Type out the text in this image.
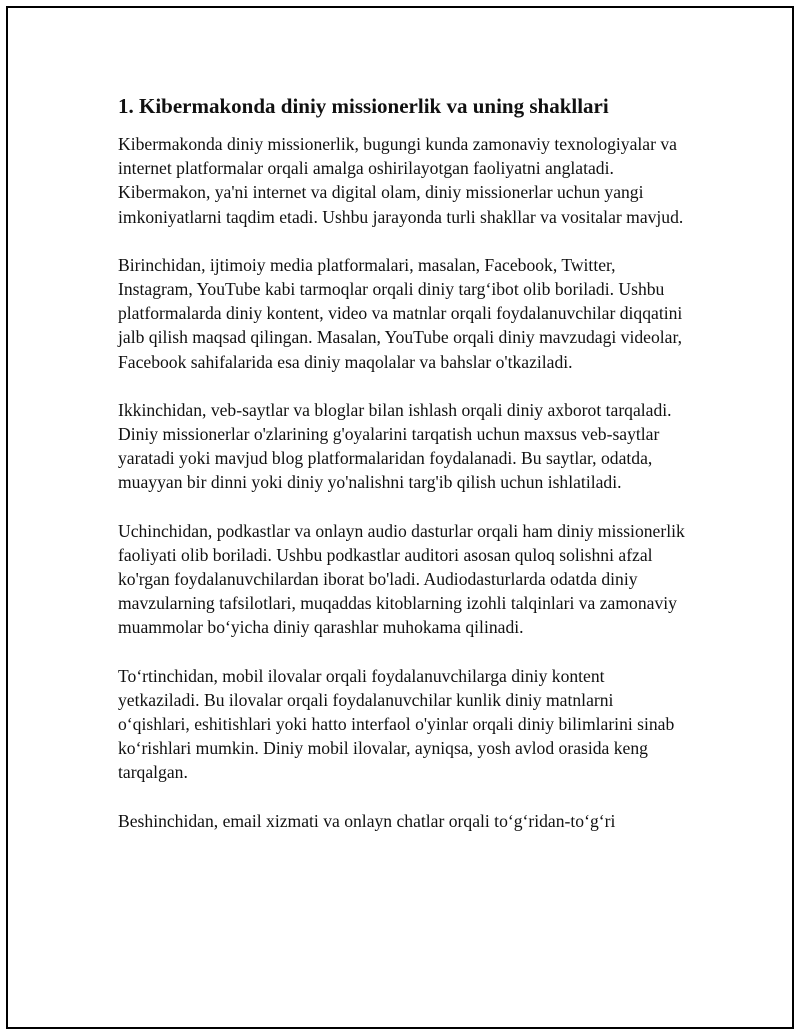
1. Kibermakonda diniy missionerlik va uning shakllari

Kibermakonda diniy missionerlik, bugungi kunda zamonaviy texnologiyalar va internet platformalar orqali amalga oshirilayotgan faoliyatni anglatadi. Kibermakon, ya'ni internet va digital olam, diniy missionerlar uchun yangi imkoniyatlarni taqdim etadi. Ushbu jarayonda turli shakllar va vositalar mavjud.

Birinchidan, ijtimoiy media platformalari, masalan, Facebook, Twitter, Instagram, YouTube kabi tarmoqlar orqali diniy targʻibot olib boriladi. Ushbu platformalarda diniy kontent, video va matnlar orqali foydalanuvchilar diqqatini jalb qilish maqsad qilingan. Masalan, YouTube orqali diniy mavzudagi videolar, Facebook sahifalarida esa diniy maqolalar va bahslar o'tkaziladi.

Ikkinchidan, veb-saytlar va bloglar bilan ishlash orqali diniy axborot tarqaladi. Diniy missionerlar o'zlarining g'oyalarini tarqatish uchun maxsus veb-saytlar yaratadi yoki mavjud blog platformalaridan foydalanadi. Bu saytlar, odatda, muayyan bir dinni yoki diniy yo'nalishni targ'ib qilish uchun ishlatiladi.

Uchinchidan, podkastlar va onlayn audio dasturlar orqali ham diniy missionerlik faoliyati olib boriladi. Ushbu podkastlar auditori asosan quloq solishni afzal ko'rgan foydalanuvchilardan iborat bo'ladi. Audiodasturlarda odatda diniy mavzularning tafsilotlari, muqaddas kitoblarning izohli talqinlari va zamonaviy muammolar boʻyicha diniy qarashlar muhokama qilinadi.

Toʻrtinchidan, mobil ilovalar orqali foydalanuvchilarga diniy kontent yetkaziladi. Bu ilovalar orqali foydalanuvchilar kunlik diniy matnlarni oʻqishlari, eshitishlari yoki hatto interfaol o'yinlar orqali diniy bilimlarini sinab koʻrishlari mumkin. Diniy mobil ilovalar, ayniqsa, yosh avlod orasida keng tarqalgan.

Beshinchidan, email xizmati va onlayn chatlar orqali toʻgʻridan-toʻgʻri
